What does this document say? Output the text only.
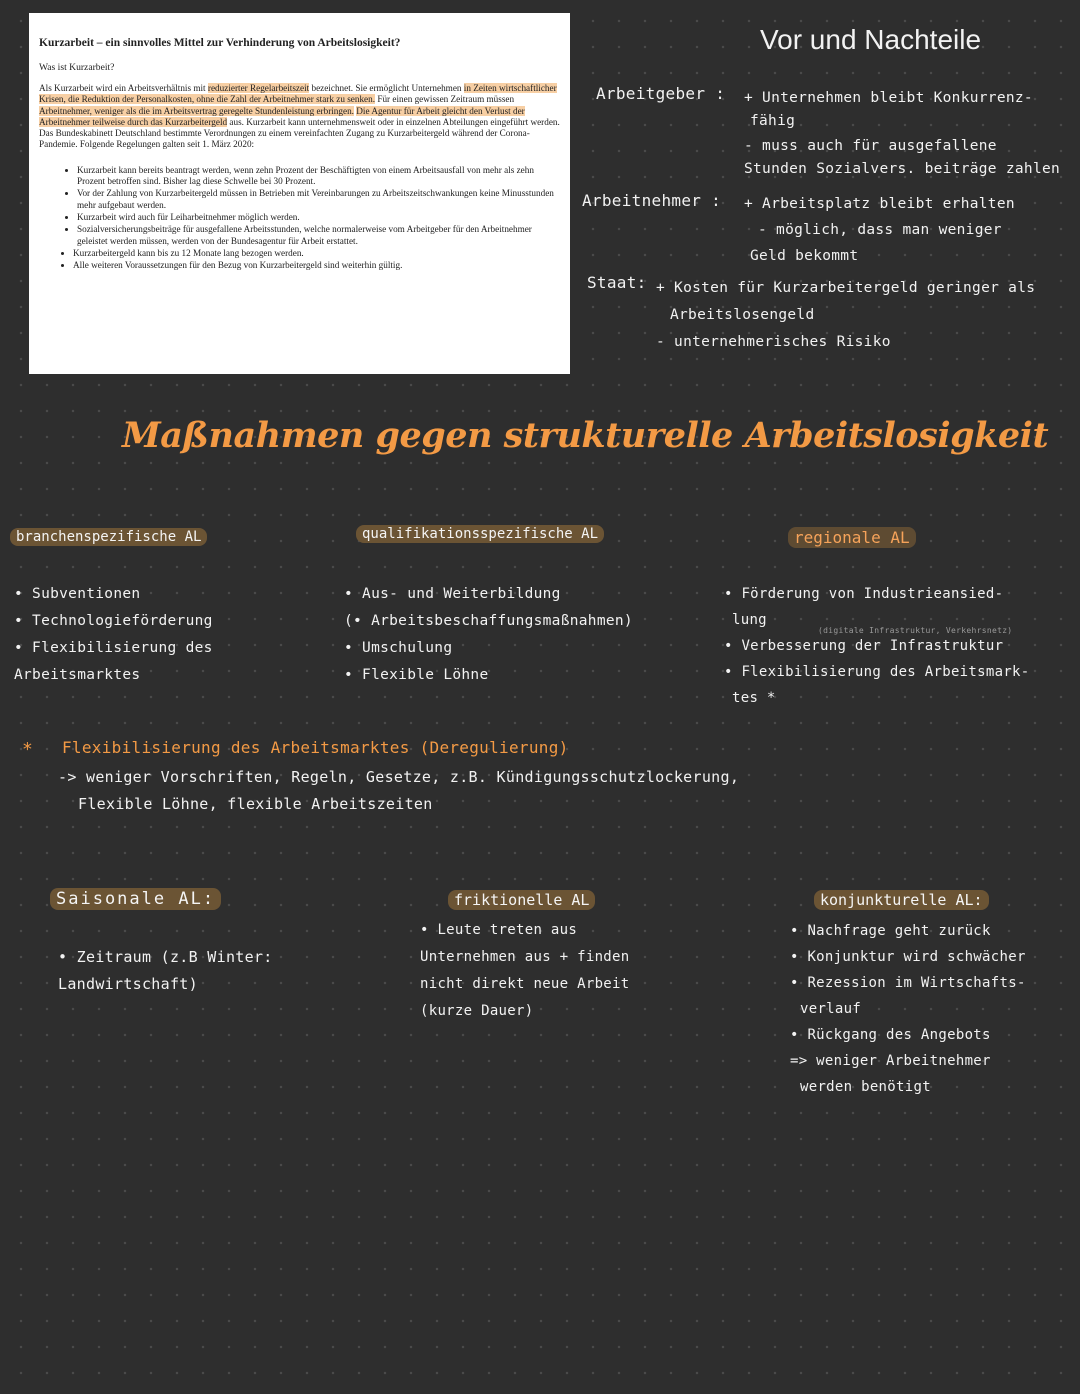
Kurzarbeit – ein sinnvolles Mittel zur Verhinderung von Arbeitslosigkeit?

Was ist Kurzarbeit?

Als Kurzarbeit wird ein Arbeitsverhältnis mit reduzierter Regelarbeitszeit bezeichnet. Sie ermöglicht Unternehmen in Zeiten wirtschaftlicher Krisen, die Reduktion der Personalkosten, ohne die Zahl der Arbeitnehmer stark zu senken. Für einen gewissen Zeitraum müssen Arbeitnehmer, weniger als die im Arbeitsvertrag geregelte Stundenleistung erbringen. Die Agentur für Arbeit gleicht den Verlust der Arbeitnehmer teilweise durch das Kurzarbeitergeld aus. Kurzarbeit kann unternehmensweit oder in einzelnen Abteilungen eingeführt werden. Das Bundeskabinett Deutschland bestimmte Verordnungen zu einem vereinfachten Zugang zu Kurzarbeitergeld während der Corona-Pandemie. Folgende Regelungen galten seit 1. März 2020:

• Kurzarbeit kann bereits beantragt werden, wenn zehn Prozent der Beschäftigten von einem Arbeitsausfall von mehr als zehn Prozent betroffen sind. Bisher lag diese Schwelle bei 30 Prozent.
• Vor der Zahlung von Kurzarbeitergeld müssen in Betrieben mit Vereinbarungen zu Arbeitszeitschwankungen keine Minusstunden mehr aufgebaut werden.
• Kurzarbeit wird auch für Leiharbeitnehmer möglich werden.
• Sozialversicherungsbeiträge für ausgefallene Arbeitsstunden, welche normalerweise vom Arbeitgeber für den Arbeitnehmer geleistet werden müssen, werden von der Bundesagentur für Arbeit erstattet.
• Kurzarbeitergeld kann bis zu 12 Monate lang bezogen werden.
• Alle weiteren Voraussetzungen für den Bezug von Kurzarbeitergeld sind weiterhin gültig.
Vor und Nachteile
Arbeitgeber : + Unternehmen bleibt Konkurrenz-
fähig
- muss auch für ausgefallene
Stunden Sozialvers. beiträge zahlen
Arbeitnehmer : + Arbeitsplatz bleibt erhalten
- möglich, dass man weniger
Geld bekommt
Staat: + Kosten für Kurzarbeitergeld geringer als
Arbeitslosengeld
- unternehmerisches Risiko
Maßnahmen gegen strukturelle Arbeitslosigkeit
branchenspezifische AL	qualifikationsspezifische AL	regionale AL
• Subventionen
• Technologieförderung
• Flexibilisierung des
Arbeitsmarktes
• Aus- und Weiterbildung
(• Arbeitsbeschaffungsmaßnahmen)
• Umschulung
• Flexible Löhne
• Förderung von Industrieansied-
lung
• Verbesserung der Infrastruktur
• Flexibilisierung des Arbeitsmark-
tes *
(digitale Infrastruktur, Verkehrsnetz)
* Flexibilisierung des Arbeitsmarktes (Deregulierung)
-> weniger Vorschriften, Regeln, Gesetze, z.B. Kündigungsschutzlockerung,
Flexible Löhne, flexible Arbeitszeiten
Saisonale AL:	friktionelle AL	konjunkturelle AL:
• Zeitraum (z.B Winter:
Landwirtschaft)
• Leute treten aus
Unternehmen aus + finden
nicht direkt neue Arbeit
(kurze Dauer)
• Nachfrage geht zurück
• Konjunktur wird schwächer
• Rezession im Wirtschafts-
verlauf
• Rückgang des Angebots
=> weniger Arbeitnehmer
werden benötigt
